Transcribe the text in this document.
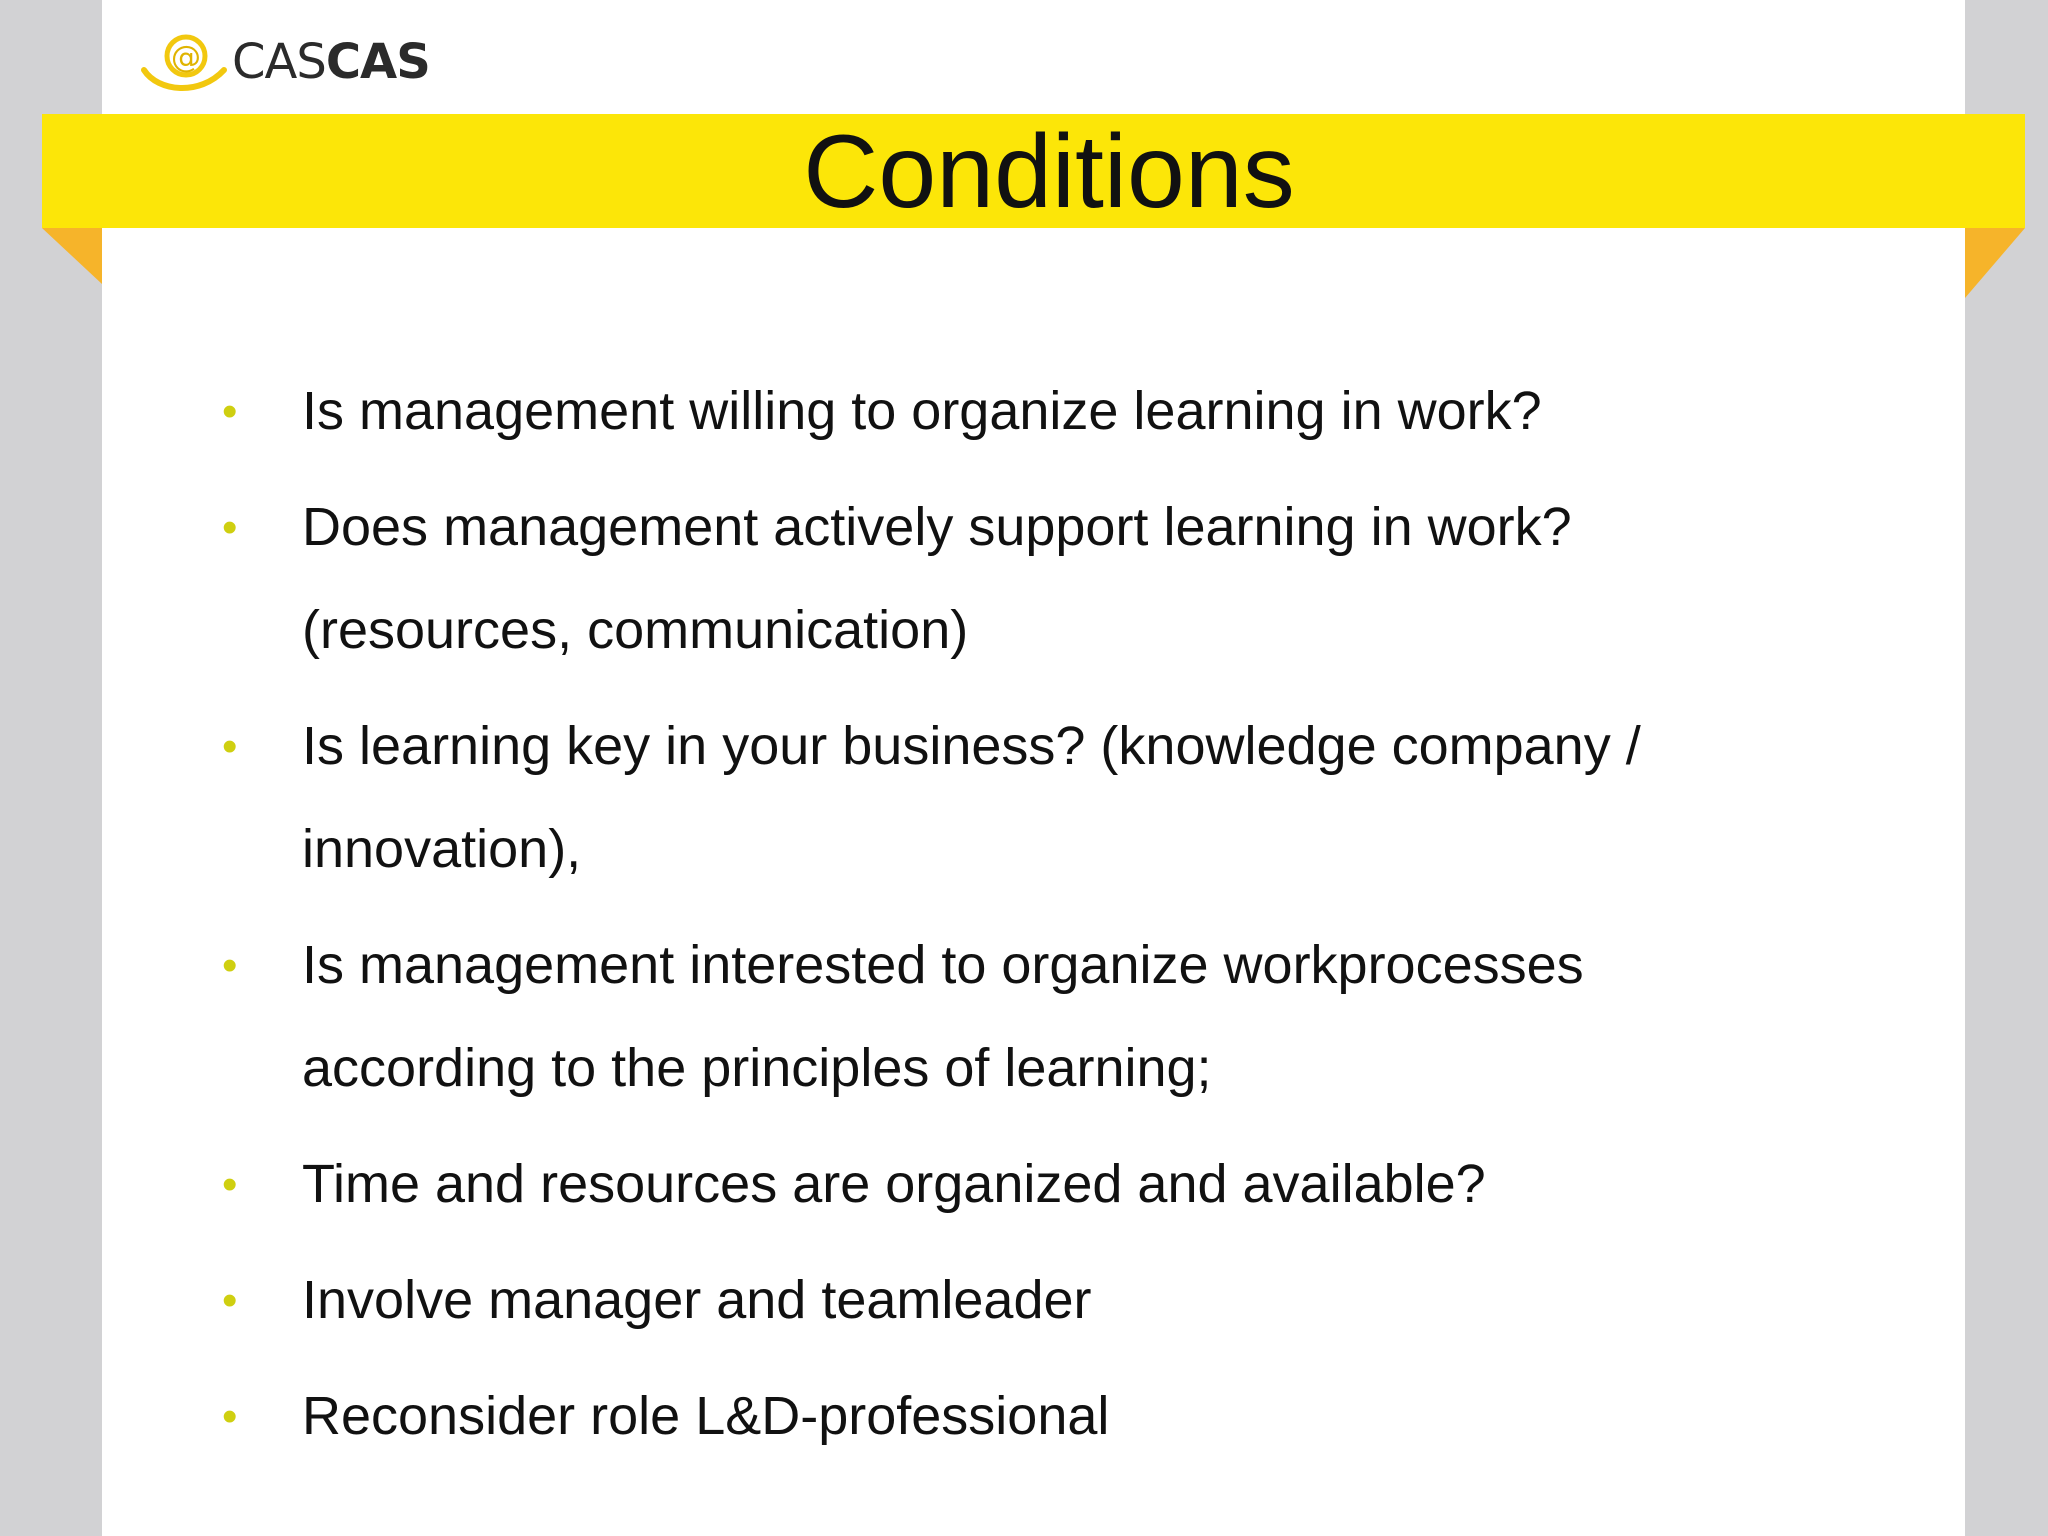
@ CASCAS
Conditions
• Is management willing to organize learning in work?
• Does management actively support learning in work? (resources, communication)
• Is learning key in your business? (knowledge company / innovation),
• Is management interested to organize workprocesses according to the principles of learning;
• Time and resources are organized and available?
• Involve manager and teamleader
• Reconsider role L&D-professional
